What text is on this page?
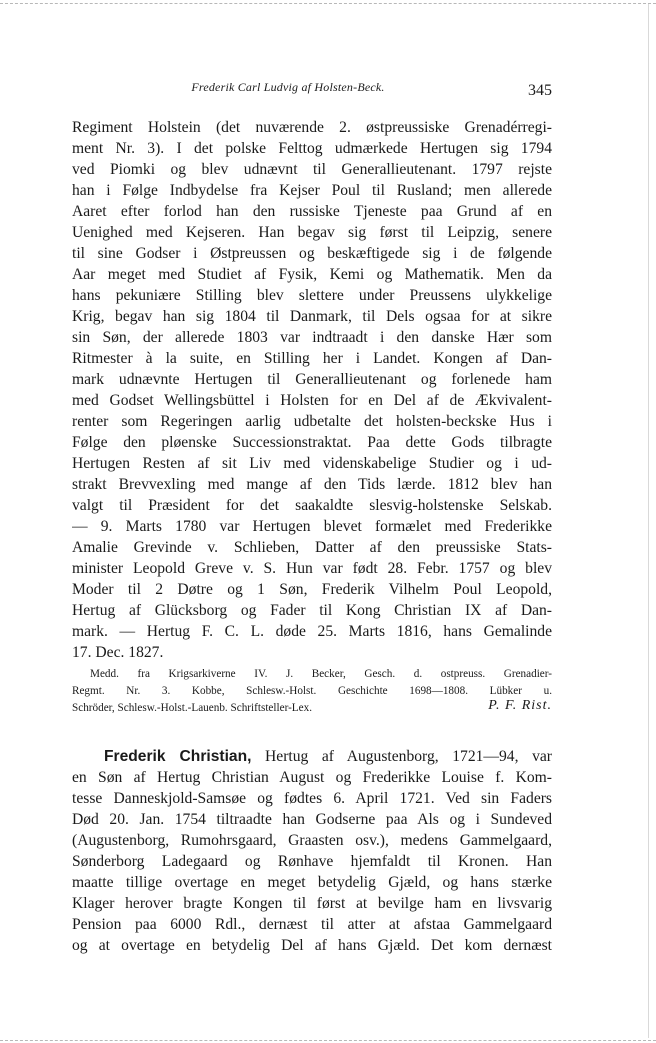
Frederik Carl Ludvig af Holsten-Beck.	345
Regiment Holstein (det nuværende 2. østpreussiske Grenadérregi-
ment Nr. 3). I det polske Felttog udmærkede Hertugen sig 1794
ved Piomki og blev udnævnt til Generallieutenant. 1797 rejste
han i Følge Indbydelse fra Kejser Poul til Rusland; men allerede
Aaret efter forlod han den russiske Tjeneste paa Grund af en
Uenighed med Kejseren. Han begav sig først til Leipzig, senere
til sine Godser i Østpreussen og beskæftigede sig i de følgende
Aar meget med Studiet af Fysik, Kemi og Mathematik. Men da
hans pekuniære Stilling blev slettere under Preussens ulykkelige
Krig, begav han sig 1804 til Danmark, til Dels ogsaa for at sikre
sin Søn, der allerede 1803 var indtraadt i den danske Hær som
Ritmester à la suite, en Stilling her i Landet. Kongen af Dan-
mark udnævnte Hertugen til Generallieutenant og forlenede ham
med Godset Wellingsbüttel i Holsten for en Del af de Ækvivalent-
renter som Regeringen aarlig udbetalte det holsten-beckske Hus i
Følge den pløenske Successionstraktat. Paa dette Gods tilbragte
Hertugen Resten af sit Liv med videnskabelige Studier og i ud-
strakt Brevvexling med mange af den Tids lærde. 1812 blev han
valgt til Præsident for det saakaldte slesvig-holstenske Selskab.
— 9. Marts 1780 var Hertugen blevet formælet med Frederikke
Amalie Grevinde v. Schlieben, Datter af den preussiske Stats-
minister Leopold Greve v. S. Hun var født 28. Febr. 1757 og blev
Moder til 2 Døtre og 1 Søn, Frederik Vilhelm Poul Leopold,
Hertug af Glücksborg og Fader til Kong Christian IX af Dan-
mark. — Hertug F. C. L. døde 25. Marts 1816, hans Gemalinde
17. Dec. 1827.
Medd. fra Krigsarkiverne IV. J. Becker, Gesch. d. ostpreuss. Grenadier-
Regmt. Nr. 3. Kobbe, Schlesw.-Holst. Geschichte 1698—1808. Lübker u.
Schröder, Schlesw.-Holst.-Lauenb. Schriftsteller-Lex.	P. F. Rist.
Frederik Christian, Hertug af Augustenborg, 1721—94, var
en Søn af Hertug Christian August og Frederikke Louise f. Kom-
tesse Danneskjold-Samsøe og fødtes 6. April 1721. Ved sin Faders
Død 20. Jan. 1754 tiltraadte han Godserne paa Als og i Sundeved
(Augustenborg, Rumohrsgaard, Graasten osv.), medens Gammelgaard,
Sønderborg Ladegaard og Rønhave hjemfaldt til Kronen. Han
maatte tillige overtage en meget betydelig Gjæld, og hans stærke
Klager herover bragte Kongen til først at bevilge ham en livsvarig
Pension paa 6000 Rdl., dernæst til atter at afstaa Gammelgaard
og at overtage en betydelig Del af hans Gjæld. Det kom dernæst
